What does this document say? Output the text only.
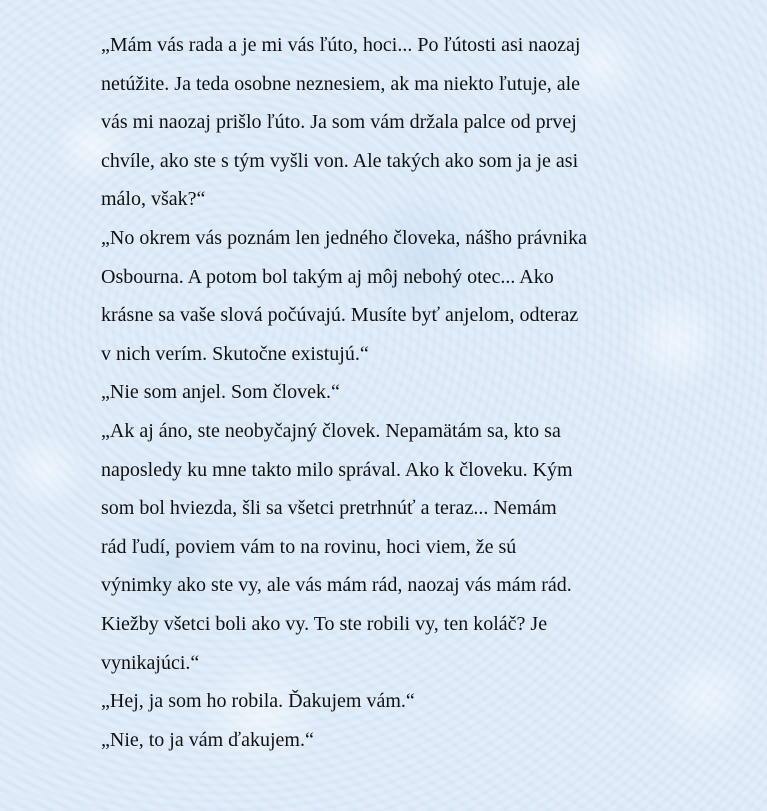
„Mám vás rada a je mi vás ľúto, hoci... Po ľútosti asi naozaj
netúžite. Ja teda osobne neznesiem, ak ma niekto ľutuje, ale
vás mi naozaj prišlo ľúto. Ja som vám držala palce od prvej
chvíle, ako ste s tým vyšli von. Ale takých ako som ja je asi
málo, však?“
„No okrem vás poznám len jedného človeka, nášho právnika
Osbourna. A potom bol takým aj môj nebohý otec... Ako
krásne sa vaše slová počúvajú. Musíte byť anjelom, odteraz
v nich verím. Skutočne existujú.“
„Nie som anjel. Som človek.“
„Ak aj áno, ste neobyčajný človek. Nepamätám sa, kto sa
naposledy ku mne takto milo správal. Ako k človeku. Kým
som bol hviezda, šli sa všetci pretrhnúť a teraz... Nemám
rád ľudí, poviem vám to na rovinu, hoci viem, že sú
výnimky ako ste vy, ale vás mám rád, naozaj vás mám rád.
Kiežby všetci boli ako vy. To ste robili vy, ten koláč? Je
vynikajúci.“
„Hej, ja som ho robila. Ďakujem vám.“
„Nie, to ja vám ďakujem.“
